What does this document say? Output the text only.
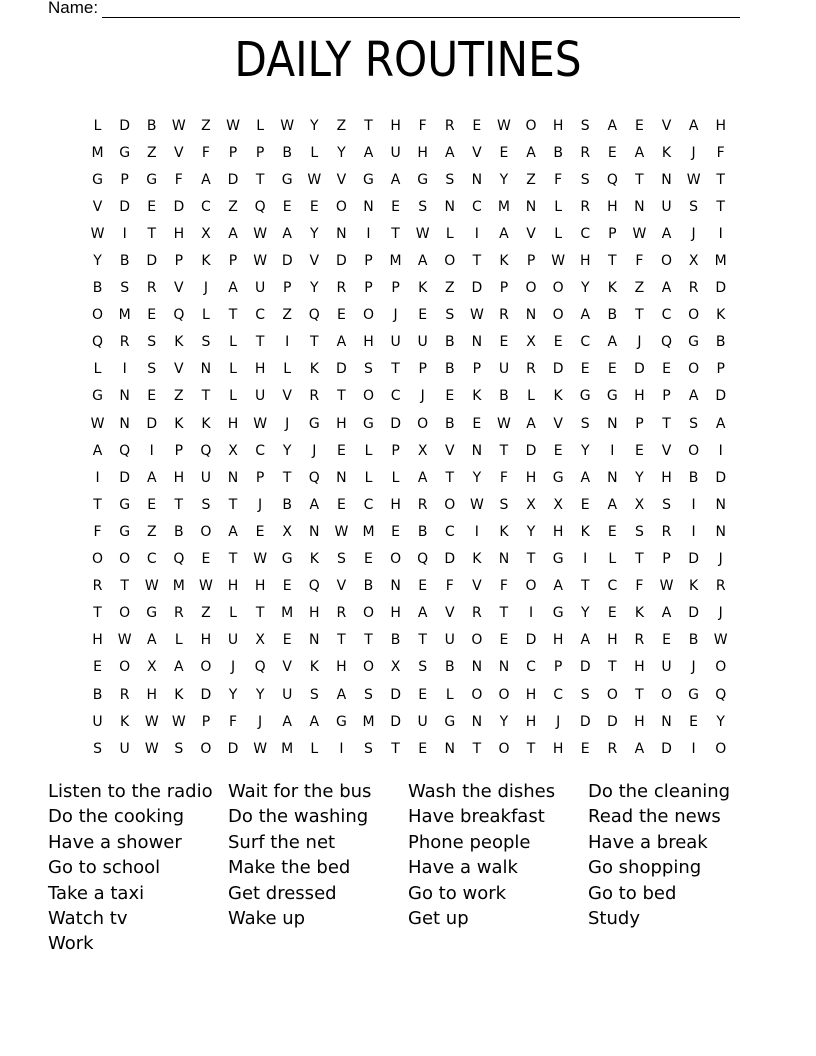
Name:
DAILY ROUTINES
L	D	B	W	Z	W	L	W	Y	Z	T	H	F	R	E	W	O	H	S	A	E	V	A	H
M	G	Z	V	F	P	P	B	L	Y	A	U	H	A	V	E	A	B	R	E	A	K	J	F
G	P	G	F	A	D	T	G	W	V	G	A	G	S	N	Y	Z	F	S	Q	T	N	W	T
V	D	E	D	C	Z	Q	E	E	O	N	E	S	N	C	M	N	L	R	H	N	U	S	T
W	I	T	H	X	A	W	A	Y	N	I	T	W	L	I	A	V	L	C	P	W	A	J	I
Y	B	D	P	K	P	W	D	V	D	P	M	A	O	T	K	P	W	H	T	F	O	X	M
B	S	R	V	J	A	U	P	Y	R	P	P	K	Z	D	P	O	O	Y	K	Z	A	R	D
O	M	E	Q	L	T	C	Z	Q	E	O	J	E	S	W	R	N	O	A	B	T	C	O	K
Q	R	S	K	S	L	T	I	T	A	H	U	U	B	N	E	X	E	C	A	J	Q	G	B
L	I	S	V	N	L	H	L	K	D	S	T	P	B	P	U	R	D	E	E	D	E	O	P
G	N	E	Z	T	L	U	V	R	T	O	C	J	E	K	B	L	K	G	G	H	P	A	D
W	N	D	K	K	H	W	J	G	H	G	D	O	B	E	W	A	V	S	N	P	T	S	A
A	Q	I	P	Q	X	C	Y	J	E	L	P	X	V	N	T	D	E	Y	I	E	V	O	I
I	D	A	H	U	N	P	T	Q	N	L	L	A	T	Y	F	H	G	A	N	Y	H	B	D
T	G	E	T	S	T	J	B	A	E	C	H	R	O	W	S	X	X	E	A	X	S	I	N
F	G	Z	B	O	A	E	X	N	W	M	E	B	C	I	K	Y	H	K	E	S	R	I	N
O	O	C	Q	E	T	W	G	K	S	E	O	Q	D	K	N	T	G	I	L	T	P	D	J
R	T	W	M	W	H	H	E	Q	V	B	N	E	F	V	F	O	A	T	C	F	W	K	R
T	O	G	R	Z	L	T	M	H	R	O	H	A	V	R	T	I	G	Y	E	K	A	D	J
H	W	A	L	H	U	X	E	N	T	T	B	T	U	O	E	D	H	A	H	R	E	B	W
E	O	X	A	O	J	Q	V	K	H	O	X	S	B	N	N	C	P	D	T	H	U	J	O
B	R	H	K	D	Y	Y	U	S	A	S	D	E	L	O	O	H	C	S	O	T	O	G	Q
U	K	W W	P	F	J	A	A	G	M	D	U	G	N	Y	H	J	D	D	H	N	E	Y
S	U	W	S	O	D	W	M	L	I	S	T	E	N	T	O	T	H	E	R	A	D	I	O
Listen to the radio
Do the cooking
Have a shower
Go to school
Take a taxi
Watch tv
Work
Wait for the bus
Do the washing
Surf the net
Make the bed
Get dressed
Wake up
Wash the dishes
Have breakfast
Phone people
Have a walk
Go to work
Get up
Do the cleaning
Read the news
Have a break
Go shopping
Go to bed
Study
